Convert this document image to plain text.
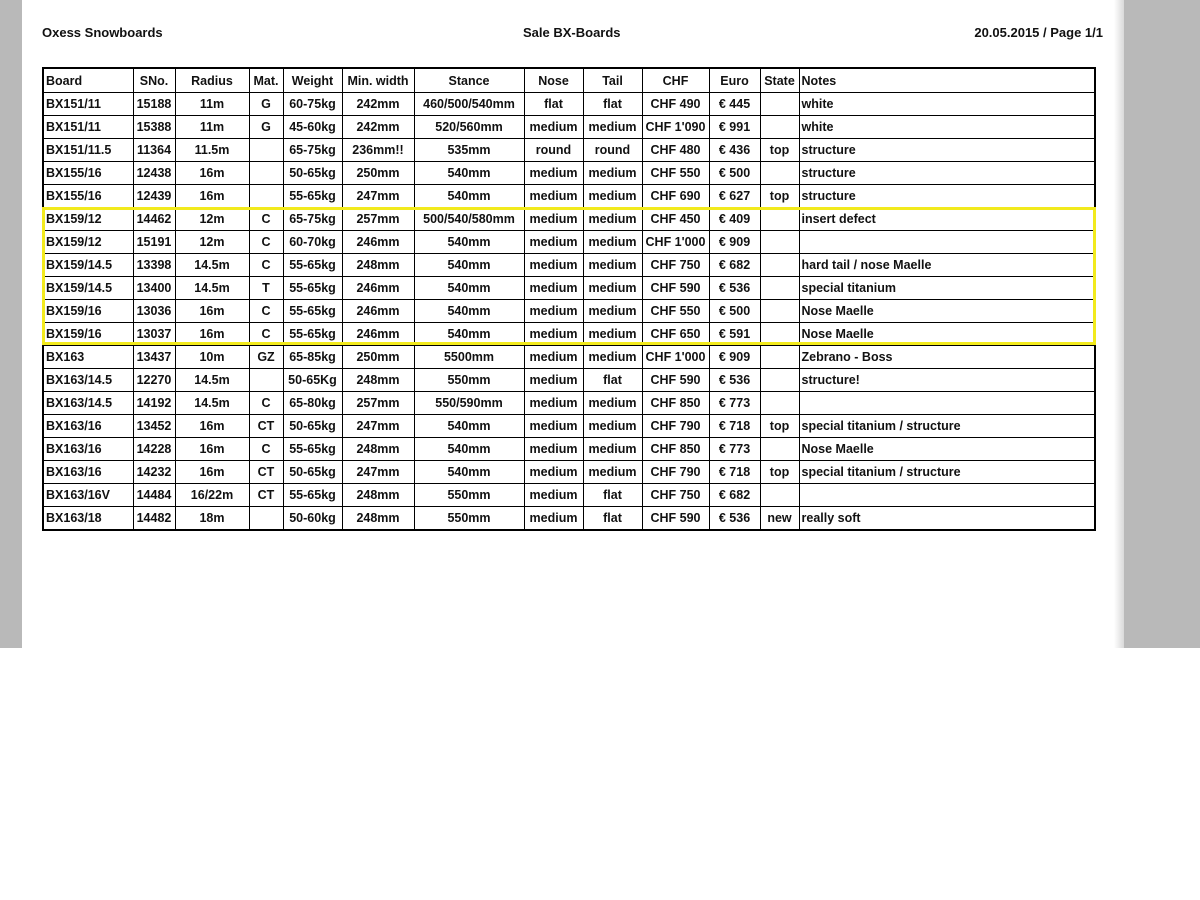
Oxess Snowboards	Sale BX-Boards	20.05.2015 / Page 1/1
Board	SNo.	Radius	Mat.	Weight	Min. width	Stance	Nose	Tail	CHF	Euro	State	Notes
BX151/11	15188	11m	G	60-75kg	242mm	460/500/540mm	flat	flat	CHF 490	€ 445		white
BX151/11	15388	11m	G	45-60kg	242mm	520/560mm	medium	medium	CHF 1'090	€ 991		white
BX151/11.5	11364	11.5m		65-75kg	236mm!!	535mm	round	round	CHF 480	€ 436	top	structure
BX155/16	12438	16m		50-65kg	250mm	540mm	medium	medium	CHF 550	€ 500		structure
BX155/16	12439	16m		55-65kg	247mm	540mm	medium	medium	CHF 690	€ 627	top	structure
BX159/12	14462	12m	C	65-75kg	257mm	500/540/580mm	medium	medium	CHF 450	€ 409		insert defect
BX159/12	15191	12m	C	60-70kg	246mm	540mm	medium	medium	CHF 1'000	€ 909		
BX159/14.5	13398	14.5m	C	55-65kg	248mm	540mm	medium	medium	CHF 750	€ 682		hard tail / nose Maelle
BX159/14.5	13400	14.5m	T	55-65kg	246mm	540mm	medium	medium	CHF 590	€ 536		special titanium
BX159/16	13036	16m	C	55-65kg	246mm	540mm	medium	medium	CHF 550	€ 500		Nose Maelle
BX159/16	13037	16m	C	55-65kg	246mm	540mm	medium	medium	CHF 650	€ 591		Nose Maelle
BX163	13437	10m	GZ	65-85kg	250mm	5500mm	medium	medium	CHF 1'000	€ 909		Zebrano - Boss
BX163/14.5	12270	14.5m		50-65Kg	248mm	550mm	medium	flat	CHF 590	€ 536		structure!
BX163/14.5	14192	14.5m	C	65-80kg	257mm	550/590mm	medium	medium	CHF 850	€ 773		
BX163/16	13452	16m	CT	50-65kg	247mm	540mm	medium	medium	CHF 790	€ 718	top	special titanium / structure
BX163/16	14228	16m	C	55-65kg	248mm	540mm	medium	medium	CHF 850	€ 773		Nose Maelle
BX163/16	14232	16m	CT	50-65kg	247mm	540mm	medium	medium	CHF 790	€ 718	top	special titanium / structure
BX163/16V	14484	16/22m	CT	55-65kg	248mm	550mm	medium	flat	CHF 750	€ 682		
BX163/18	14482	18m		50-60kg	248mm	550mm	medium	flat	CHF 590	€ 536	new	really soft
